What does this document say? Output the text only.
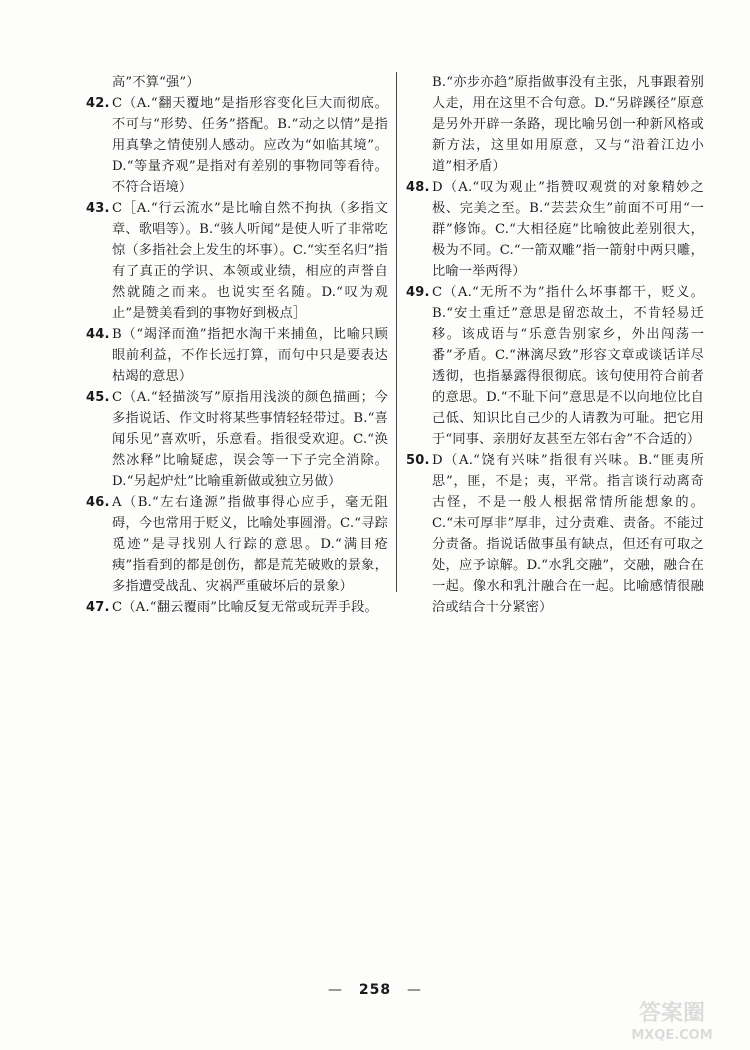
高”不算“强”）

42. C（A.“翻天覆地”是指形容变化巨大而彻底。不可与“形势、任务”搭配。B.“动之以情”是指用真挚之情使别人感动。应改为“如临其境”。D.“等量齐观”是指对有差别的事物同等看待。不符合语境）

43. C［A.“行云流水”是比喻自然不拘执（多指文章、歌唱等）。B.“骇人听闻”是使人听了非常吃惊（多指社会上发生的坏事）。C.“实至名归”指有了真正的学识、本领或业绩，相应的声誉自然就随之而来。也说实至名随。D.“叹为观止”是赞美看到的事物好到极点］

44. B（“竭泽而渔”指把水淘干来捕鱼，比喻只顾眼前利益，不作长远打算，而句中只是要表达枯竭的意思）

45. C（A.“轻描淡写”原指用浅淡的颜色描画；今多指说话、作文时将某些事情轻轻带过。B.“喜闻乐见”喜欢听，乐意看。指很受欢迎。C.“涣然冰释”比喻疑虑，误会等一下子完全消除。D.“另起炉灶”比喻重新做或独立另做）

46. A（B.“左右逢源”指做事得心应手，毫无阻碍，今也常用于贬义，比喻处事圆滑。C.“寻踪觅迹”是寻找别人行踪的意思。D.“满目疮痍”指看到的都是创伤，都是荒芜破败的景象，多指遭受战乱、灾祸严重破坏后的景象）

47. C（A.“翻云覆雨”比喻反复无常或玩弄手段。

B.“亦步亦趋”原指做事没有主张，凡事跟着别人走，用在这里不合句意。D.“另辟蹊径”原意是另外开辟一条路，现比喻另创一种新风格或新方法，这里如用原意，又与“沿着江边小道”相矛盾）

48. D（A.“叹为观止”指赞叹观赏的对象精妙之极、完美之至。B.“芸芸众生”前面不可用“一群”修饰。C.“大相径庭”比喻彼此差别很大，极为不同。C.“一箭双雕”指一箭射中两只雕，比喻一举两得）

49. C（A.“无所不为”指什么坏事都干，贬义。B.“安土重迁”意思是留恋故土，不肯轻易迁移。该成语与“乐意告别家乡，外出闯荡一番”矛盾。C.“淋漓尽致”形容文章或谈话详尽透彻，也指暴露得很彻底。该句使用符合前者的意思。D.“不耻下问”意思是不以向地位比自己低、知识比自己少的人请教为可耻。把它用于“同事、亲朋好友甚至左邻右舍”不合适的）

50. D（A.“饶有兴味”指很有兴味。B.“匪夷所思”，匪，不是；夷，平常。指言谈行动离奇古怪，不是一般人根据常情所能想象的。C.“未可厚非”厚非，过分责难、责备。不能过分责备。指说话做事虽有缺点，但还有可取之处，应予谅解。D.“水乳交融”，交融，融合在一起。像水和乳汁融合在一起。比喻感情很融洽或结合十分紧密）

— 258 —
答案圈
MXQE.COM
